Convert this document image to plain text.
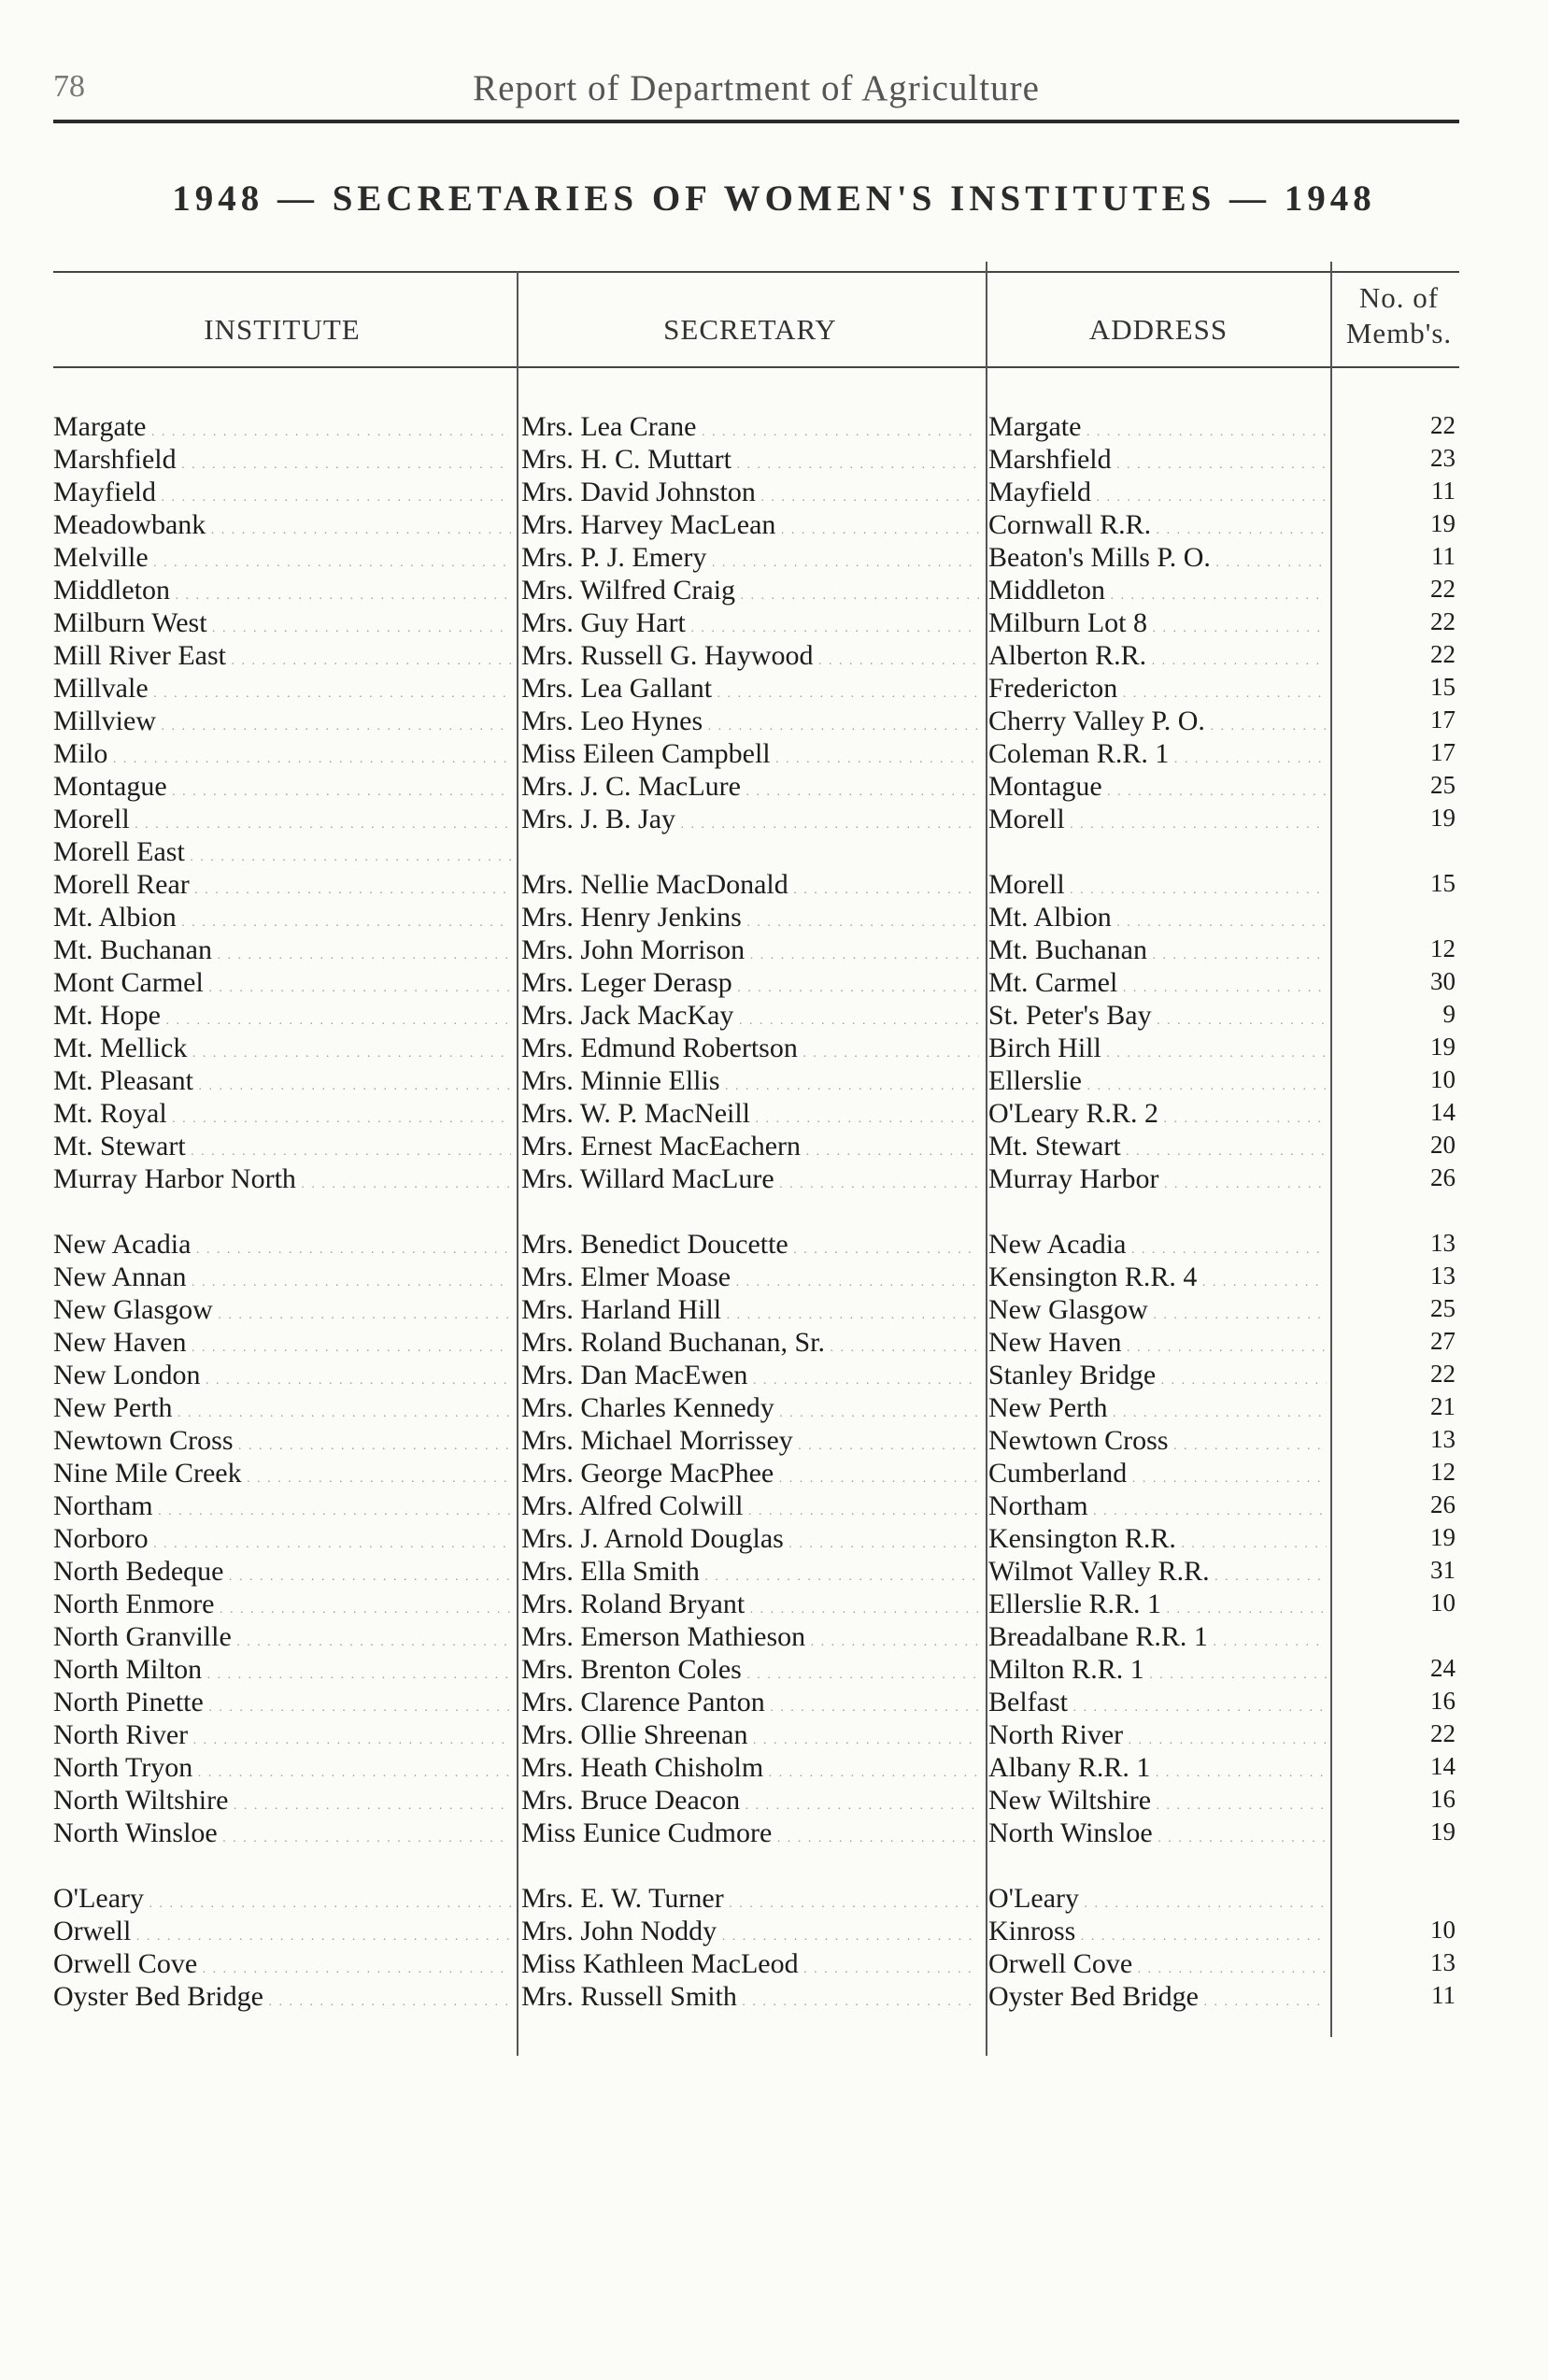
78	Report of Department of Agriculture
1948 — SECRETARIES OF WOMEN'S INSTITUTES — 1948
INSTITUTE	SECRETARY	ADDRESS
No. of
Memb's.
Margate . . .	Mrs. Lea Crane . . .	Margate . . .	22
Marshfield . . .	Mrs. H. C. Muttart . . .	Marshfield . . .	23
Mayfield . . .	Mrs. David Johnston . . .	Mayfield . . .	11
Meadowbank . . .	Mrs. Harvey MacLean . . .	Cornwall R.R. . . .	19
Melville . . .	Mrs. P. J. Emery . . .	Beaton's Mills P. O. . . .	11
Middleton . . .	Mrs. Wilfred Craig . . .	Middleton . . .	22
Milburn West . . .	Mrs. Guy Hart . . .	Milburn Lot 8 . . .	22
Mill River East . . .	Mrs. Russell G. Haywood . . .	Alberton R.R. . . .	22
Millvale . . .	Mrs. Lea Gallant . . .	Fredericton . . .	15
Millview . . .	Mrs. Leo Hynes . . .	Cherry Valley P. O. . . .	17
Milo . . .	Miss Eileen Campbell . . .	Coleman R.R. 1 . . .	17
Montague . . .	Mrs. J. C. MacLure . . .	Montague . . .	25
Morell . . .	Mrs. J. B. Jay . . .	Morell . . .	19
Morell East . . .
Morell Rear . . .	Mrs. Nellie MacDonald . . .	Morell . . .	15
Mt. Albion . . .	Mrs. Henry Jenkins . . .	Mt. Albion . . .
Mt. Buchanan . . .	Mrs. John Morrison . . .	Mt. Buchanan . . .	12
Mont Carmel . . .	Mrs. Leger Derasp . . .	Mt. Carmel . . .	30
Mt. Hope . . .	Mrs. Jack MacKay . . .	St. Peter's Bay . . .	9
Mt. Mellick . . .	Mrs. Edmund Robertson . . .	Birch Hill . . .	19
Mt. Pleasant . . .	Mrs. Minnie Ellis . . .	Ellerslie . . .	10
Mt. Royal . . .	Mrs. W. P. MacNeill . . .	O'Leary R.R. 2 . . .	14
Mt. Stewart . . .	Mrs. Ernest MacEachern . . .	Mt. Stewart . . .	20
Murray Harbor North . . .	Mrs. Willard MacLure . . .	Murray Harbor . . .	26
New Acadia . . .	Mrs. Benedict Doucette . . .	New Acadia . . .	13
New Annan . . .	Mrs. Elmer Moase . . .	Kensington R.R. 4 . . .	13
New Glasgow . . .	Mrs. Harland Hill . . .	New Glasgow . . .	25
New Haven . . .	Mrs. Roland Buchanan, Sr. . . .	New Haven . . .	27
New London . . .	Mrs. Dan MacEwen . . .	Stanley Bridge . . .	22
New Perth . . .	Mrs. Charles Kennedy . . .	New Perth . . .	21
Newtown Cross . . .	Mrs. Michael Morrissey . . .	Newtown Cross . . .	13
Nine Mile Creek . . .	Mrs. George MacPhee . . .	Cumberland . . .	12
Northam . . .	Mrs. Alfred Colwill . . .	Northam . . .	26
Norboro . . .	Mrs. J. Arnold Douglas . . .	Kensington R.R. . . .	19
North Bedeque . . .	Mrs. Ella Smith . . .	Wilmot Valley R.R. . . .	31
North Enmore . . .	Mrs. Roland Bryant . . .	Ellerslie R.R. 1 . . .	10
North Granville . . .	Mrs. Emerson Mathieson . . .	Breadalbane R.R. 1 . . .
North Milton . . .	Mrs. Brenton Coles . . .	Milton R.R. 1 . . .	24
North Pinette . . .	Mrs. Clarence Panton . . .	Belfast . . .	16
North River . . .	Mrs. Ollie Shreenan . . .	North River . . .	22
North Tryon . . .	Mrs. Heath Chisholm . . .	Albany R.R. 1 . . .	14
North Wiltshire . . .	Mrs. Bruce Deacon . . .	New Wiltshire . . .	16
North Winsloe . . .	Miss Eunice Cudmore . . .	North Winsloe . . .	19
O'Leary . . .	Mrs. E. W. Turner . . .	O'Leary . . .
Orwell . . .	Mrs. John Noddy . . .	Kinross . . .	10
Orwell Cove . . .	Miss Kathleen MacLeod . . .	Orwell Cove . . .	13
Oyster Bed Bridge . . .	Mrs. Russell Smith . . .	Oyster Bed Bridge . . .	11
